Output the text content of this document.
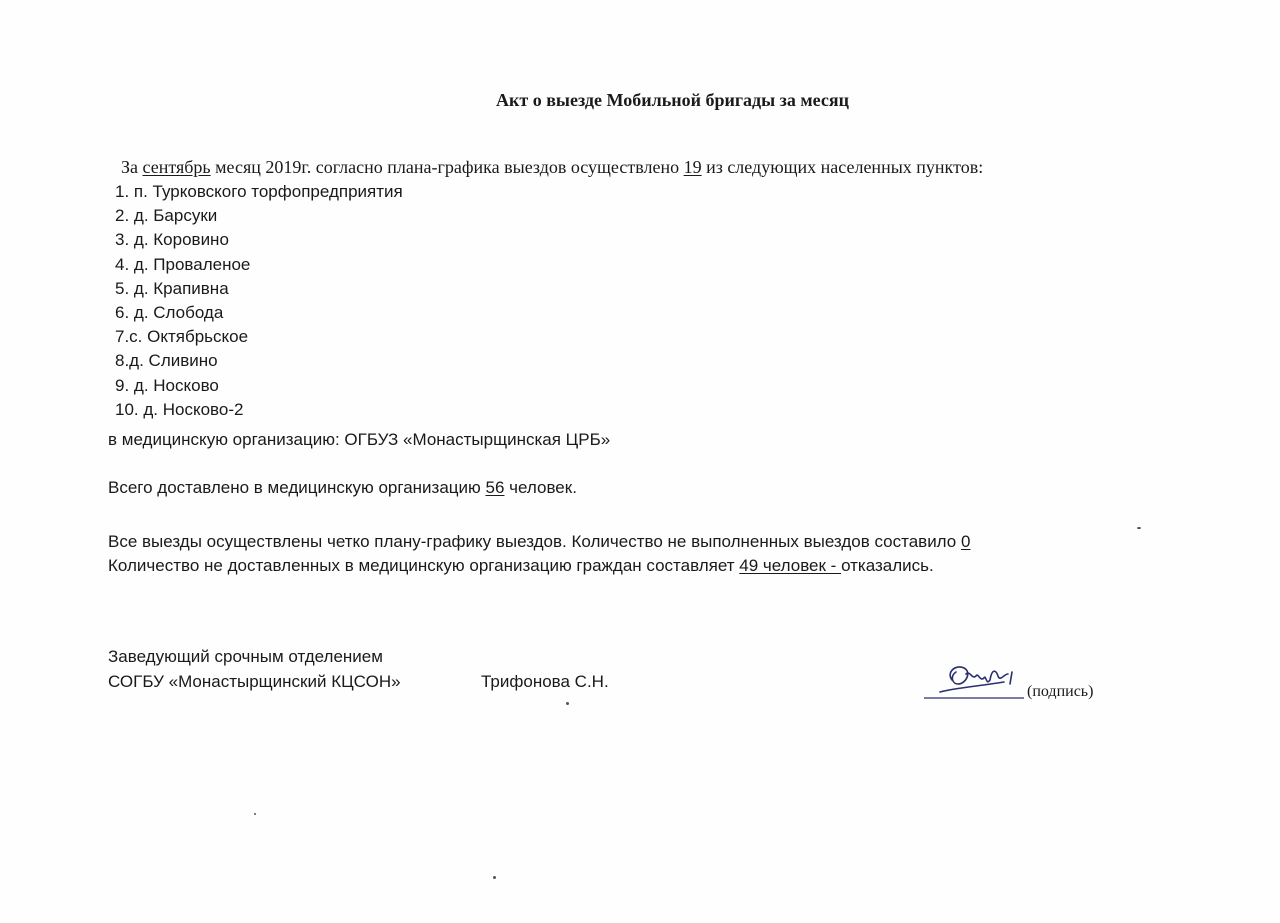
Акт о выезде Мобильной бригады за месяц
За сентябрь месяц 2019г. согласно плана-графика выездов осуществлено 19 из следующих населенных пунктов:
1. п. Турковского торфопредприятия
2. д. Барсуки
3. д. Коровино
4. д. Проваленое
5. д. Крапивна
6. д. Слобода
7.с. Октябрьское
8.д. Сливино
9. д. Носково
10. д. Носково-2
в медицинскую организацию: ОГБУЗ «Монастырщинская ЦРБ»
Всего доставлено в медицинскую организацию 56 человек.
Все выезды осуществлены четко плану-графику выездов. Количество не выполненных выездов составило 0
Количество не доставленных в медицинскую организацию граждан составляет 49 человек - отказались.
Заведующий срочным отделением
СОГБУ «Монастырщинский КЦСОН»	Трифонова С.Н.
(подпись)
